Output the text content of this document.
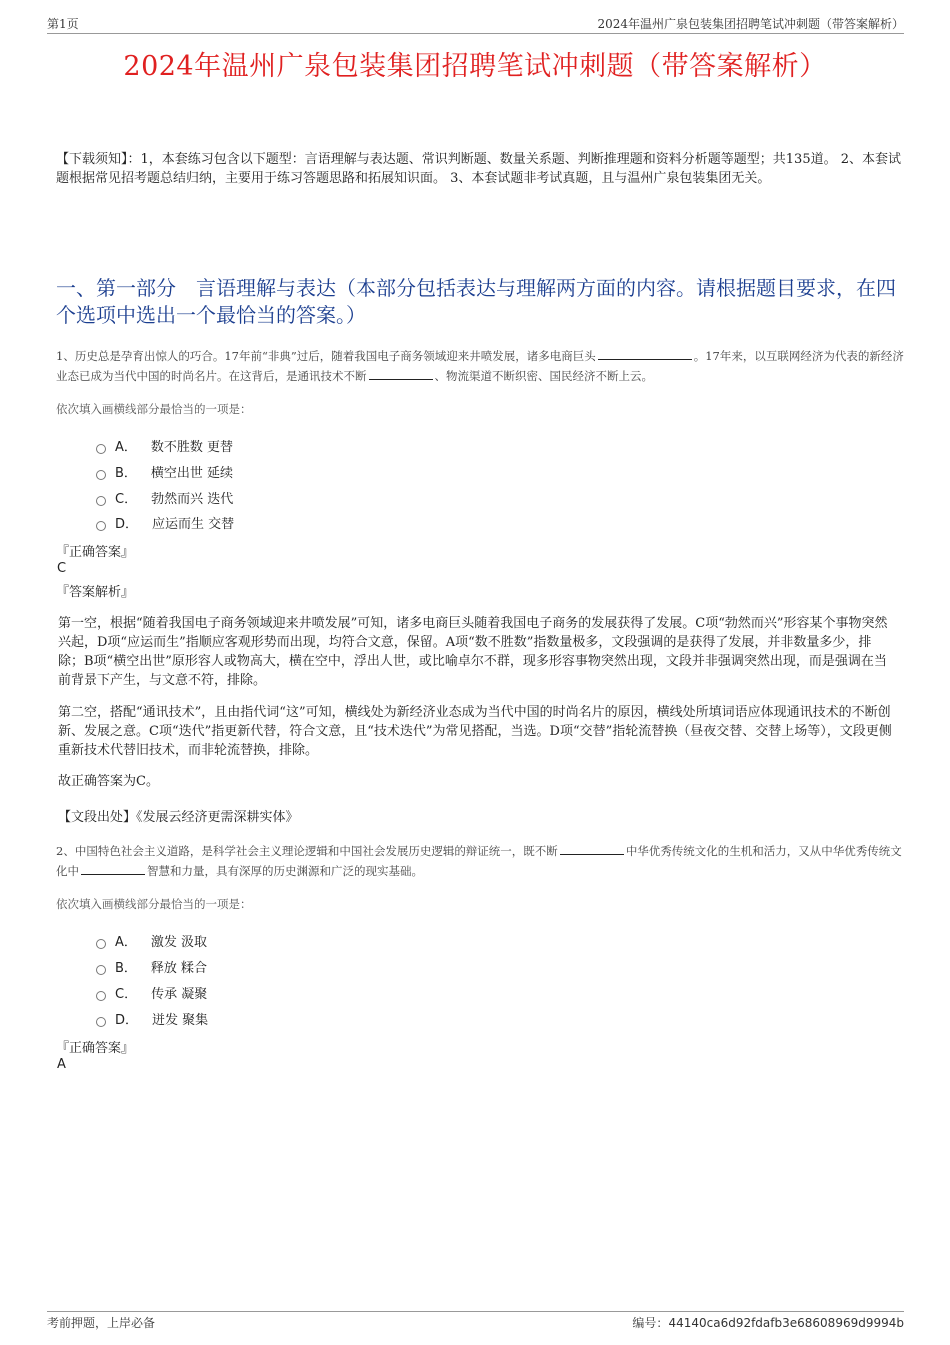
第1页	2024年温州广泉包装集团招聘笔试冲刺题（带答案解析）
2024年温州广泉包装集团招聘笔试冲刺题（带答案解析）
【下载须知】：1，本套练习包含以下题型：言语理解与表达题、常识判断题、数量关系题、判断推理题和资料分析题等题型；共135道。 2、本套试题根据常见招考题总结归纳，主要用于练习答题思路和拓展知识面。 3、本套试题非考试真题，且与温州广泉包装集团无关。
一、第一部分　言语理解与表达（本部分包括表达与理解两方面的内容。请根据题目要求，在四个选项中选出一个最恰当的答案。）
1、历史总是孕育出惊人的巧合。17年前“非典”过后，随着我国电子商务领域迎来井喷发展，诸多电商巨头	。17年来，以互联网经济为代表的新经济业态已成为当代中国的时尚名片。在这背后，是通讯技术不断	、物流渠道不断织密、国民经济不断上云。
依次填入画横线部分最恰当的一项是：
A． 数不胜数 更替
B． 横空出世 延续
C． 勃然而兴 迭代
D． 应运而生 交替
『正确答案』
C
『答案解析』
第一空，根据“随着我国电子商务领域迎来井喷发展”可知，诸多电商巨头随着我国电子商务的发展获得了发展。C项“勃然而兴”形容某个事物突然兴起，D项“应运而生”指顺应客观形势而出现，均符合文意，保留。A项“数不胜数”指数量极多，文段强调的是获得了发展，并非数量多少，排除；B项“横空出世”原形容人或物高大，横在空中，浮出人世，或比喻卓尔不群，现多形容事物突然出现，文段并非强调突然出现，而是强调在当前背景下产生，与文意不符，排除。
第二空，搭配“通讯技术”，且由指代词“这”可知，横线处为新经济业态成为当代中国的时尚名片的原因，横线处所填词语应体现通讯技术的不断创新、发展之意。C项“迭代”指更新代替，符合文意，且“技术迭代”为常见搭配，当选。D项“交替”指轮流替换（昼夜交替、交替上场等），文段更侧重新技术代替旧技术，而非轮流替换，排除。
故正确答案为C。
【文段出处】《发展云经济更需深耕实体》
2、中国特色社会主义道路，是科学社会主义理论逻辑和中国社会发展历史逻辑的辩证统一，既不断	中华优秀传统文化的生机和活力，又从中华优秀传统文化中	智慧和力量，具有深厚的历史渊源和广泛的现实基础。
依次填入画横线部分最恰当的一项是：
A． 激发 汲取
B． 释放 糅合
C． 传承 凝聚
D． 迸发 聚集
『正确答案』
A
考前押题，上岸必备	编号：44140ca6d92fdafb3e68608969d9994b
